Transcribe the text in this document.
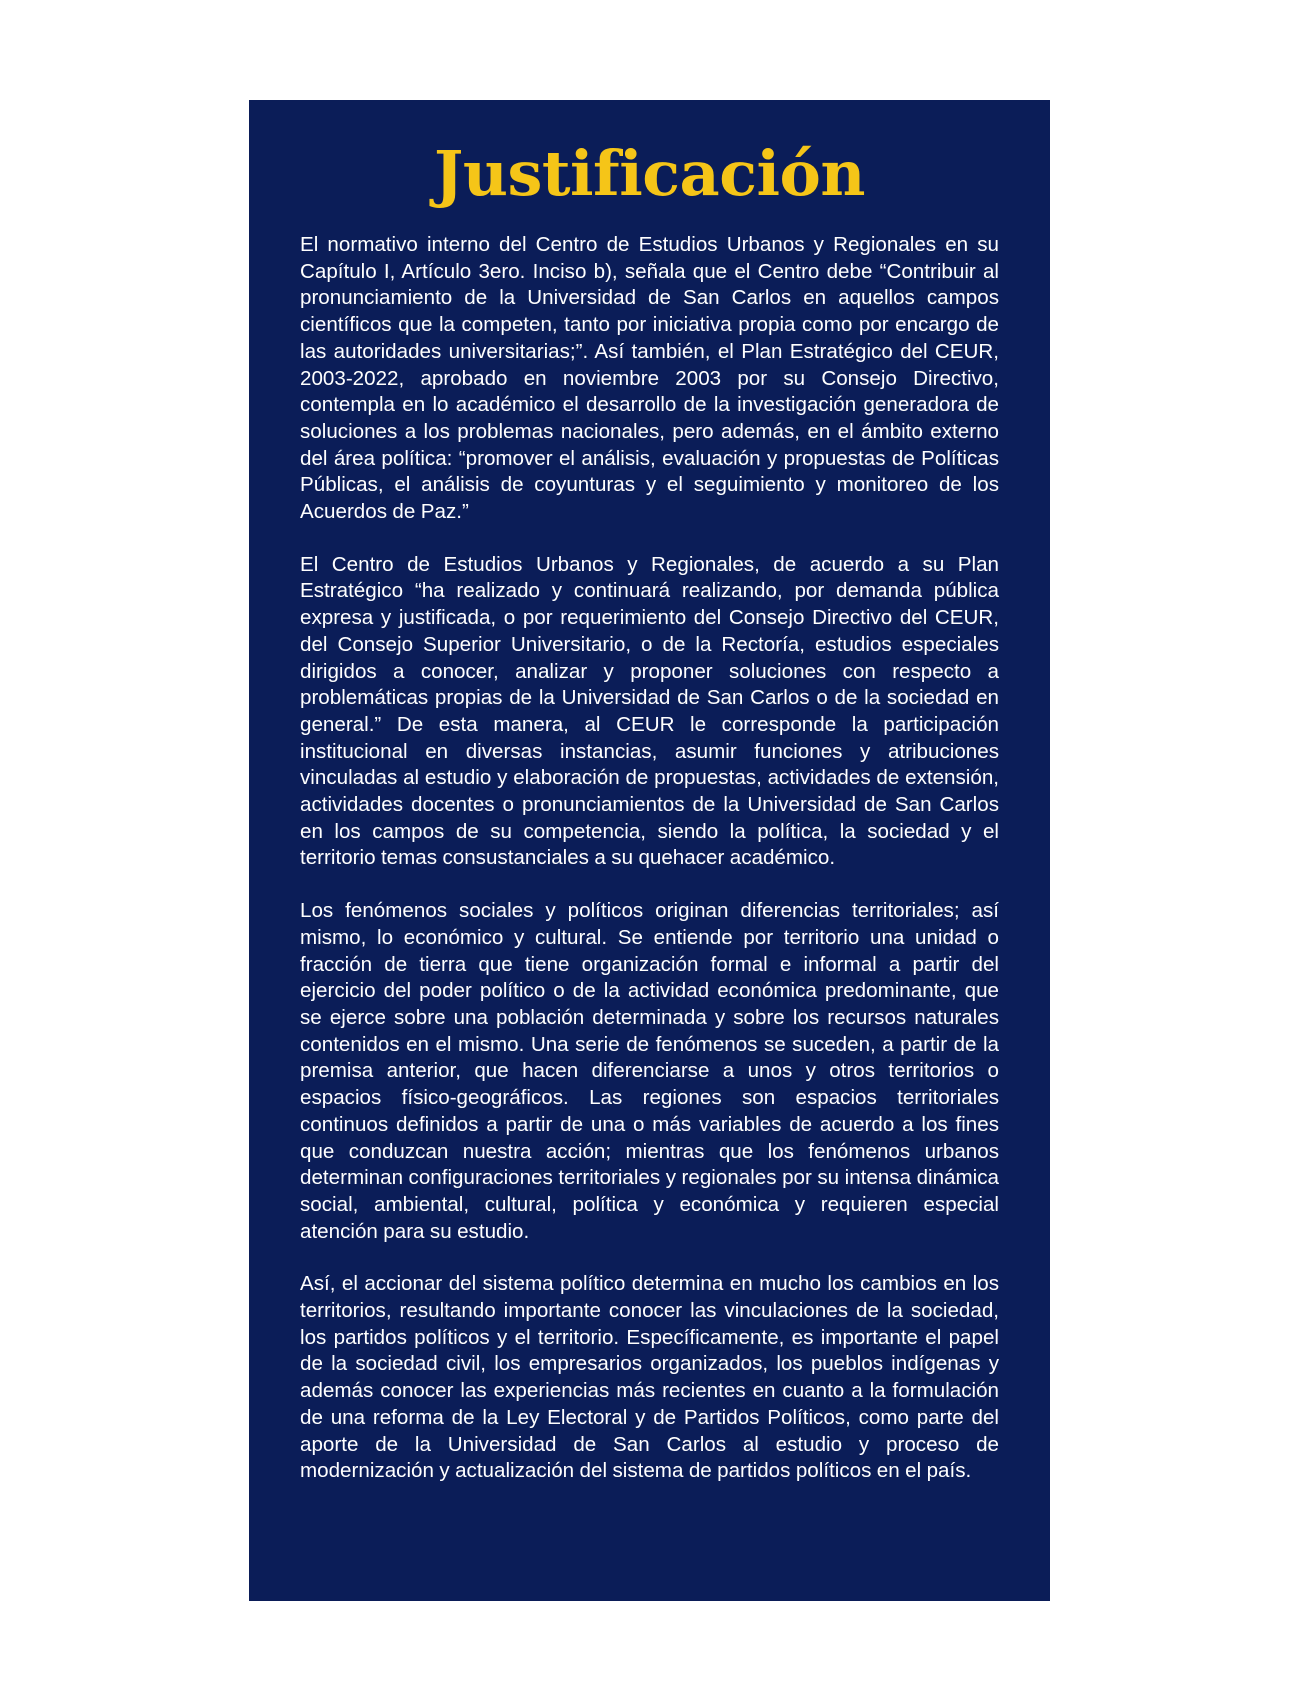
Justificación

El normativo interno del Centro de Estudios Urbanos y Regionales en su Capítulo I, Artículo 3ero. Inciso b), señala que el Centro debe “Contribuir al pronunciamiento de la Universidad de San Carlos en aquellos campos científicos que la competen, tanto por iniciativa propia como por encargo de las autoridades universitarias;”. Así también, el Plan Estratégico del CEUR, 2003-2022, aprobado en noviembre 2003 por su Consejo Directivo, contempla en lo académico el desarrollo de la investigación generadora de soluciones a los problemas nacionales, pero además, en el ámbito externo del área política: “promover el análisis, evaluación y propuestas de Políticas Públicas, el análisis de coyunturas y el seguimiento y monitoreo de los Acuerdos de Paz.”

El Centro de Estudios Urbanos y Regionales, de acuerdo a su Plan Estratégico “ha realizado y continuará realizando, por demanda pública expresa y justificada, o por requerimiento del Consejo Directivo del CEUR, del Consejo Superior Universitario, o de la Rectoría, estudios especiales dirigidos a conocer, analizar y proponer soluciones con respecto a problemáticas propias de la Universidad de San Carlos o de la sociedad en general.” De esta manera, al CEUR le corresponde la participación institucional en diversas instancias, asumir funciones y atribuciones vinculadas al estudio y elaboración de propuestas, actividades de extensión, actividades docentes o pronunciamientos de la Universidad de San Carlos en los campos de su competencia, siendo la política, la sociedad y el territorio temas consustanciales a su quehacer académico.

Los fenómenos sociales y políticos originan diferencias territoriales; así mismo, lo económico y cultural. Se entiende por territorio una unidad o fracción de tierra que tiene organización formal e informal a partir del ejercicio del poder político o de la actividad económica predominante, que se ejerce sobre una población determinada y sobre los recursos naturales contenidos en el mismo. Una serie de fenómenos se suceden, a partir de la premisa anterior, que hacen diferenciarse a unos y otros territorios o espacios físico-geográficos. Las regiones son espacios territoriales continuos definidos a partir de una o más variables de acuerdo a los fines que conduzcan nuestra acción; mientras que los fenómenos urbanos determinan configuraciones territoriales y regionales por su intensa dinámica social, ambiental, cultural, política y económica y requieren especial atención para su estudio.

Así, el accionar del sistema político determina en mucho los cambios en los territorios, resultando importante conocer las vinculaciones de la sociedad, los partidos políticos y el territorio. Específicamente, es importante el papel de la sociedad civil, los empresarios organizados, los pueblos indígenas y además conocer las experiencias más recientes en cuanto a la formulación de una reforma de la Ley Electoral y de Partidos Políticos, como parte del aporte de la Universidad de San Carlos al estudio y proceso de modernización y actualización del sistema de partidos políticos en el país.
